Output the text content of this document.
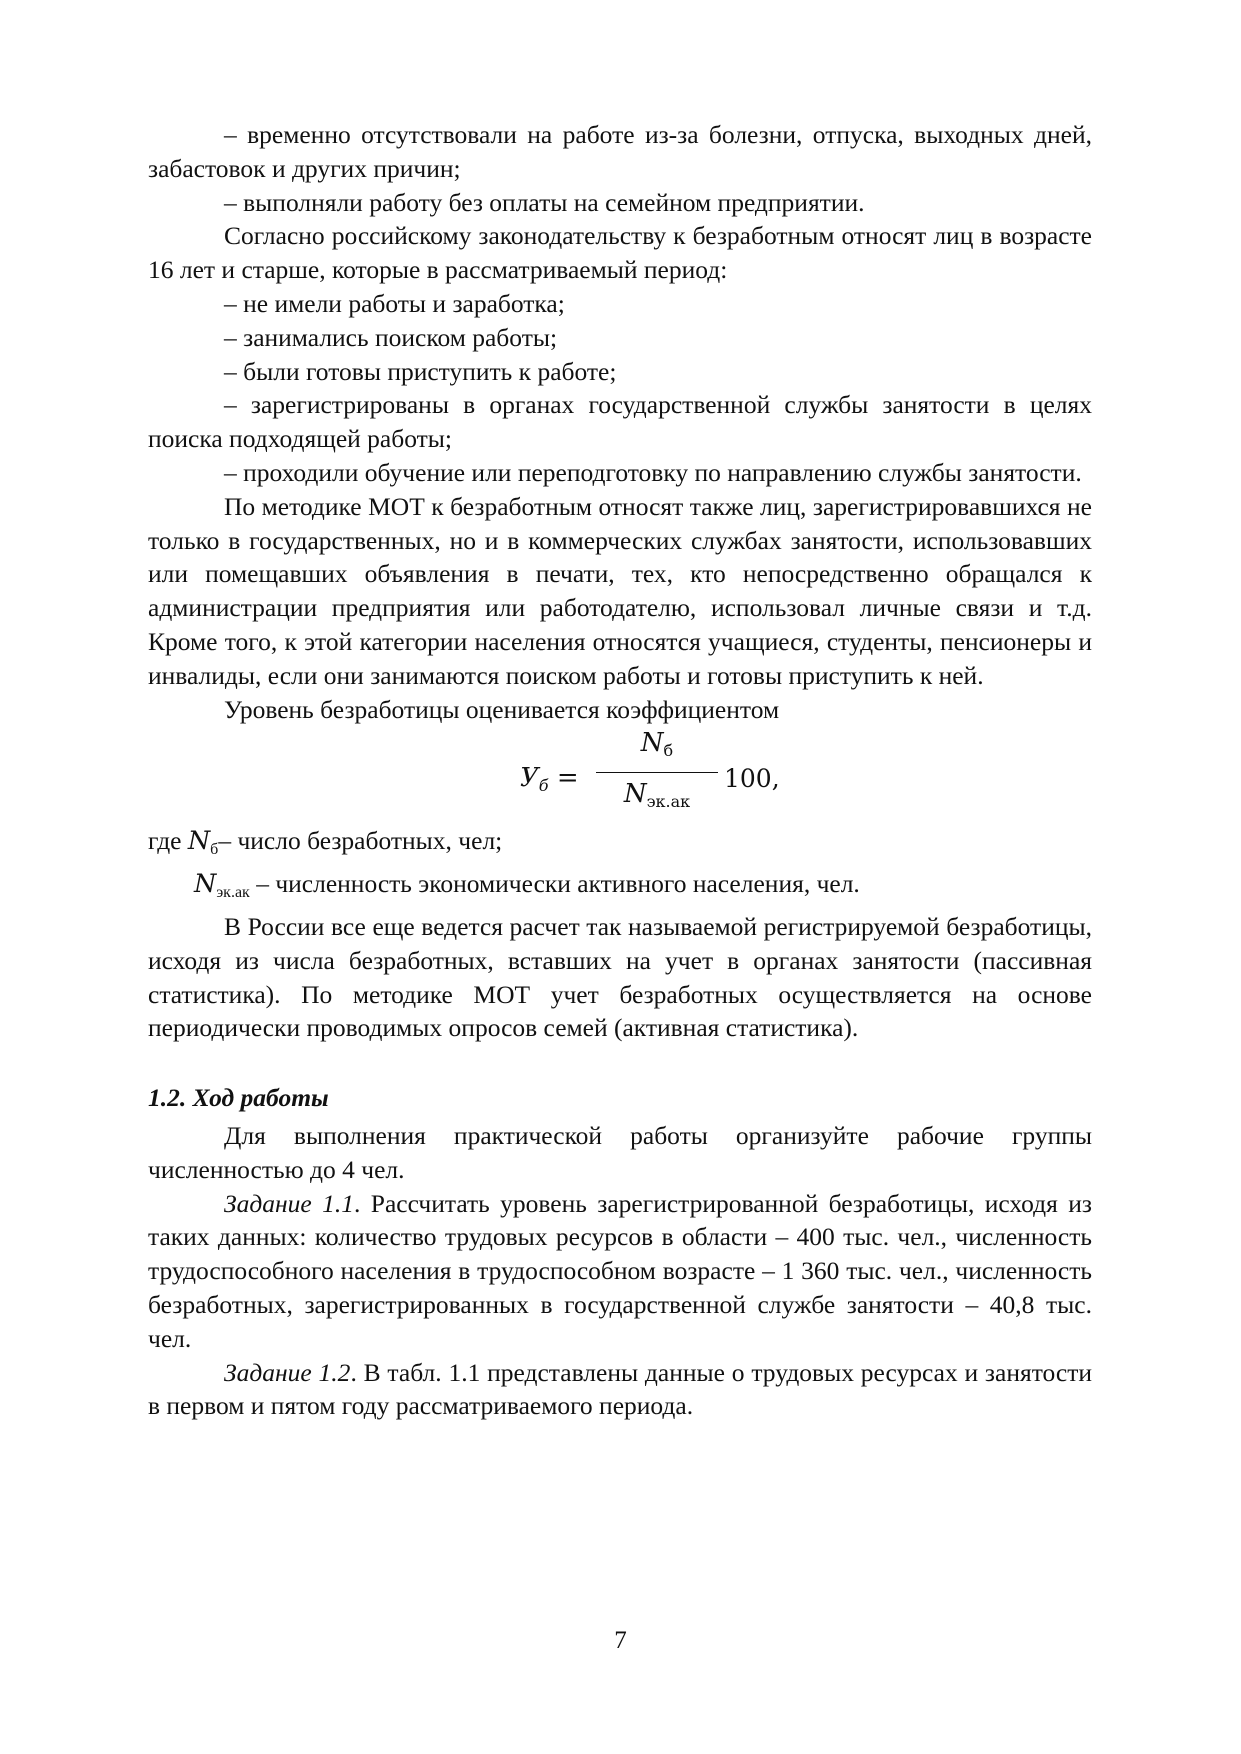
– временно отсутствовали на работе из-за болезни, отпуска, выходных дней, забастовок и других причин;

– выполняли работу без оплаты на семейном предприятии.

Согласно российскому законодательству к безработным относят лиц в возрасте 16 лет и старше, которые в рассматриваемый период:

– не имели работы и заработка;

– занимались поиском работы;

– были готовы приступить к работе;

– зарегистрированы в органах государственной службы занятости в целях поиска подходящей работы;

– проходили обучение или переподготовку по направлению службы занятости.

По методике МОТ к безработным относят также лиц, зарегистрировавшихся не только в государственных, но и в коммерческих службах занятости, использовавших или помещавших объявления в печати, тех, кто непосредственно обращался к администрации предприятия или работодателю, использовал личные связи и т.д. Кроме того, к этой категории населения относятся учащиеся, студенты, пенсионеры и инвалиды, если они занимаются поиском работы и готовы приступить к ней.

Уровень безработицы оценивается коэффициентом

$У_б$ =
$N_б$
$N_{эк.ак}$
100,

где $N_б-$ число безработных, чел;

$N_{эк.ак}$ – численность экономически активного населения, чел.

В России все еще ведется расчет так называемой регистрируемой безработицы, исходя из числа безработных, вставших на учет в органах занятости (пассивная статистика). По методике МОТ учет безработных осуществляется на основе периодически проводимых опросов семей (активная статистика).

1.2. Ход работы

Для выполнения практической работы организуйте рабочие группы численностью до 4 чел.

Задание 1.1. Рассчитать уровень зарегистрированной безработицы, исходя из таких данных: количество трудовых ресурсов в области – 400 тыс. чел., численность трудоспособного населения в трудоспособном возрасте – 1 360 тыс. чел., численность безработных, зарегистрированных в государственной службе занятости – 40,8 тыс. чел.

Задание 1.2. В табл. 1.1 представлены данные о трудовых ресурсах и занятости в первом и пятом году рассматриваемого периода.

7
